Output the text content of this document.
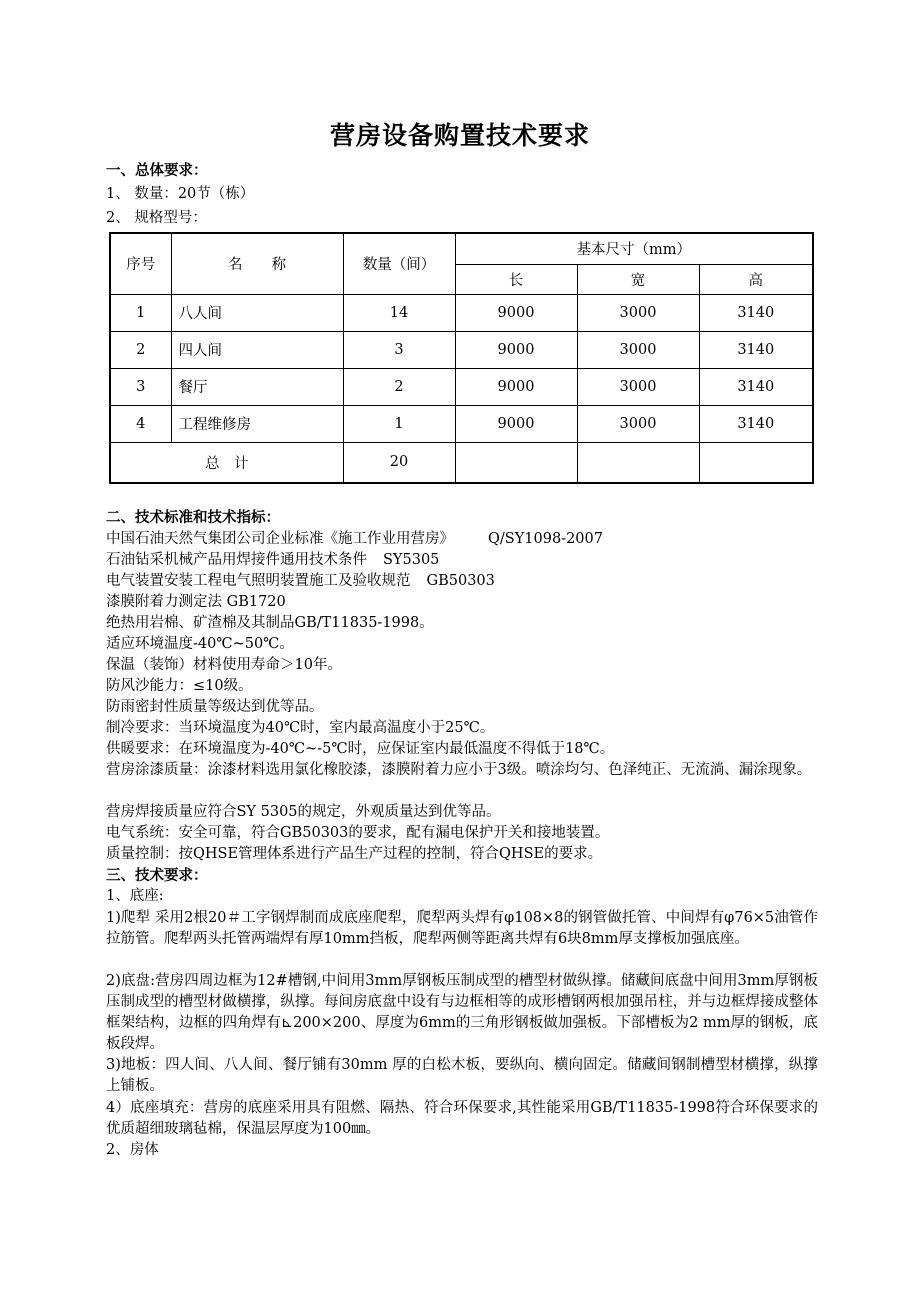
营房设备购置技术要求
一、总体要求：
1、 数量：20节（栋）
2、 规格型号：
序号	名　　称	数量（间）	基本尺寸（mm）		
			长	宽	高
1	八人间	14	9000	3000	3140
2	四人间	3	9000	3000	3140
3	餐厅	2	9000	3000	3140
4	工程维修房	1	9000	3000	3140
总　计		20			
二、技术标准和技术指标：
中国石油天然气集团公司企业标准《施工作业用营房》 Q/SY1098-2007
石油钻采机械产品用焊接件通用技术条件 SY5305
电气装置安装工程电气照明装置施工及验收规范 GB50303
漆膜附着力测定法 GB1720
绝热用岩棉、矿渣棉及其制品GB/T11835-1998。
适应环境温度-40℃~50℃。
保温（装饰）材料使用寿命＞10年。
防风沙能力：≤10级。
防雨密封性质量等级达到优等品。
制冷要求：当环境温度为40℃时，室内最高温度小于25℃。
供暖要求：在环境温度为-40℃~-5℃时，应保证室内最低温度不得低于18℃。
营房涂漆质量：涂漆材料选用氯化橡胶漆，漆膜附着力应小于3级。喷涂均匀、色泽纯正、无流淌、漏涂现象。
营房焊接质量应符合SY 5305的规定，外观质量达到优等品。
电气系统：安全可靠，符合GB50303的要求，配有漏电保护开关和接地装置。
质量控制：按QHSE管理体系进行产品生产过程的控制，符合QHSE的要求。
三、技术要求：
1、底座:
1)爬犁 采用2根20＃工字钢焊制而成底座爬犁，爬犁两头焊有φ108×8的钢管做托管、中间焊有φ76×5油管作拉筋管。爬犁两头托管两端焊有厚10mm挡板，爬犁两侧等距离共焊有6块8mm厚支撑板加强底座。
2)底盘:营房四周边框为12#槽钢,中间用3mm厚钢板压制成型的槽型材做纵撑。储藏间底盘中间用3mm厚钢板压制成型的槽型材做横撑，纵撑。每间房底盘中设有与边框相等的成形槽钢两根加强吊柱，并与边框焊接成整体框架结构，边框的四角焊有⊾200×200、厚度为6mm的三角形钢板做加强板。下部槽板为2 mm厚的钢板，底板段焊。
3)地板：四人间、八人间、餐厅铺有30mm 厚的白松木板，要纵向、横向固定。储藏间钢制槽型材横撑，纵撑上铺板。
4）底座填充：营房的底座采用具有阻燃、隔热、符合环保要求,其性能采用GB/T11835-1998符合环保要求的优质超细玻璃毡棉，保温层厚度为100㎜。
2、房体
